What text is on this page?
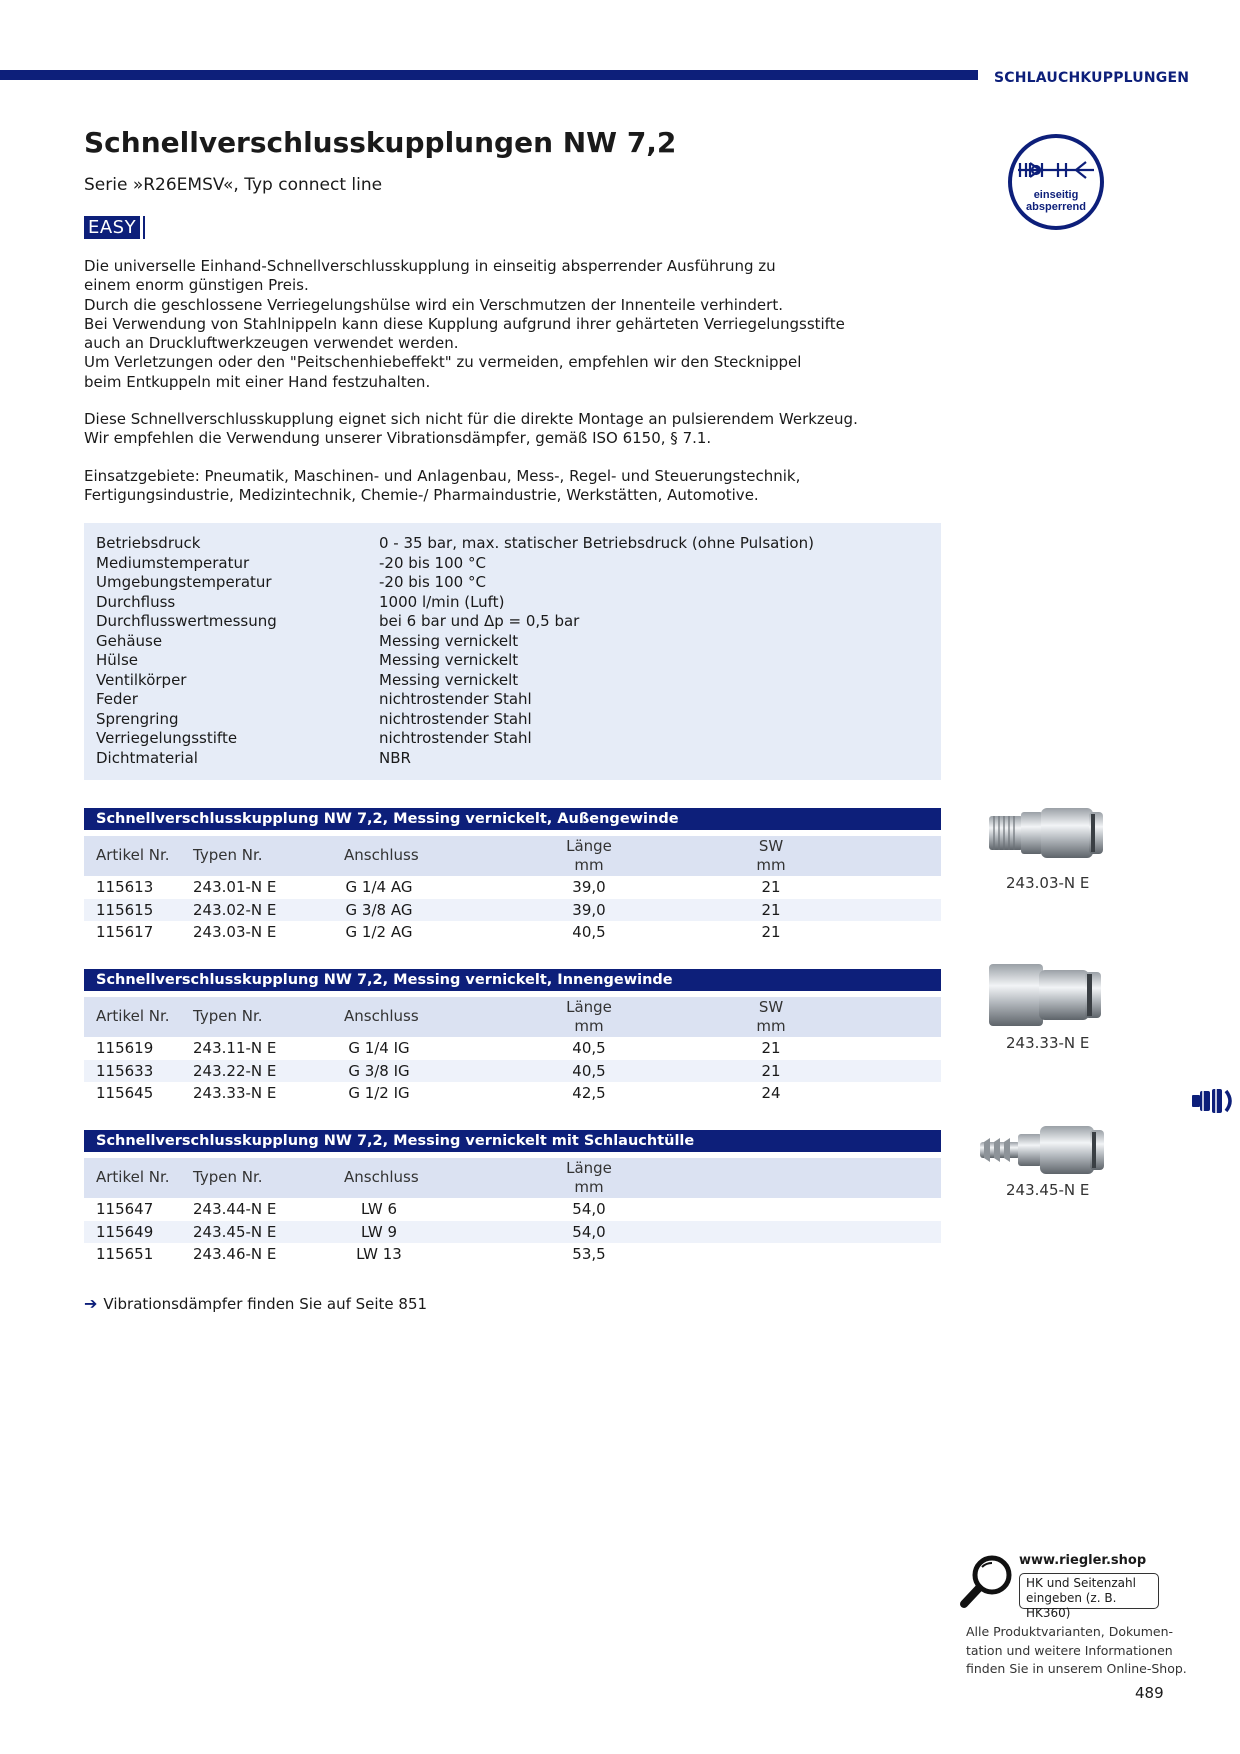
SCHLAUCHKUPPLUNGEN
Schnellverschlusskupplungen NW 7,2
Serie »R26EMSV«, Typ connect line
EASY
einseitig
absperrend
Die universelle Einhand-Schnellverschlusskupplung in einseitig absperrender Ausführung zu
einem enorm günstigen Preis.
Durch die geschlossene Verriegelungshülse wird ein Verschmutzen der Innenteile verhindert.
Bei Verwendung von Stahlnippeln kann diese Kupplung aufgrund ihrer gehärteten Verriegelungsstifte
auch an Druckluftwerkzeugen verwendet werden.
Um Verletzungen oder den "Peitschenhiebeffekt" zu vermeiden, empfehlen wir den Stecknippel
beim Entkuppeln mit einer Hand festzuhalten.
Diese Schnellverschlusskupplung eignet sich nicht für die direkte Montage an pulsierendem Werkzeug.
Wir empfehlen die Verwendung unserer Vibrationsdämpfer, gemäß ISO 6150, § 7.1.
Einsatzgebiete: Pneumatik, Maschinen- und Anlagenbau, Mess-, Regel- und Steuerungstechnik,
Fertigungsindustrie, Medizintechnik, Chemie-/ Pharmaindustrie, Werkstätten, Automotive.
Betriebsdruck	0 - 35 bar, max. statischer Betriebsdruck (ohne Pulsation)
Mediumstemperatur	-20 bis 100 °C
Umgebungstemperatur	-20 bis 100 °C
Durchfluss	1000 l/min (Luft)
Durchflusswertmessung	bei 6 bar und Δp = 0,5 bar
Gehäuse	Messing vernickelt
Hülse	Messing vernickelt
Ventilkörper	Messing vernickelt
Feder	nichtrostender Stahl
Sprengring	nichtrostender Stahl
Verriegelungsstifte	nichtrostender Stahl
Dichtmaterial	NBR
Schnellverschlusskupplung NW 7,2, Messing vernickelt, Außengewinde
Artikel Nr. Typen Nr.	Anschluss	Länge
mm
SW
mm
115613	243.01-N E	G 1/4 AG	39,0	21
115615	243.02-N E	G 3/8 AG	39,0	21
115617	243.03-N E	G 1/2 AG	40,5	21
Schnellverschlusskupplung NW 7,2, Messing vernickelt, Innengewinde
Artikel Nr. Typen Nr.	Anschluss	Länge
mm
SW
mm
115619	243.11-N E	G 1/4 IG	40,5	21
115633	243.22-N E	G 3/8 IG	40,5	21
115645	243.33-N E	G 1/2 IG	42,5	24
Schnellverschlusskupplung NW 7,2, Messing vernickelt mit Schlauchtülle
Artikel Nr. Typen Nr.	Anschluss	Länge
mm
115647	243.44-N E	LW 6	54,0
115649	243.45-N E	LW 9	54,0
115651	243.46-N E	LW 13	53,5
243.03-N E
243.33-N E
243.45-N E
➔ Vibrationsdämpfer finden Sie auf Seite 851
www.riegler.shop
HK und Seitenzahl
eingeben (z. B. HK360)
Alle Produktvarianten, Dokumen-
tation und weitere Informationen
finden Sie in unserem Online-Shop.
489
